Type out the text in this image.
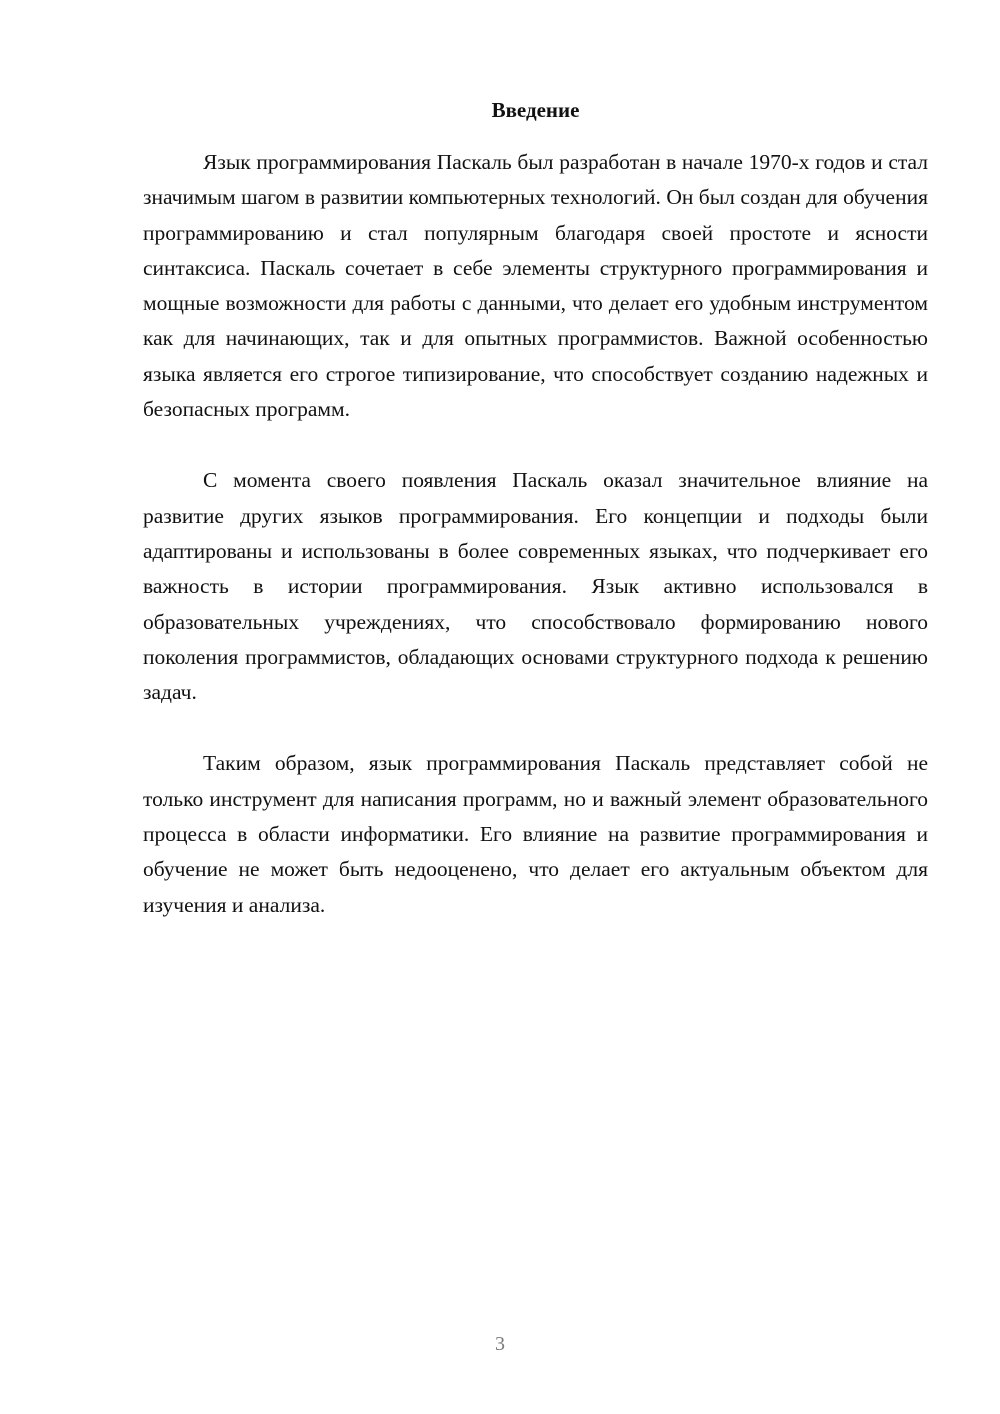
Введение

Язык программирования Паскаль был разработан в начале 1970-х годов и стал значимым шагом в развитии компьютерных технологий. Он был создан для обучения программированию и стал популярным благодаря своей простоте и ясности синтаксиса. Паскаль сочетает в себе элементы структурного программирования и мощные возможности для работы с данными, что делает его удобным инструментом как для начинающих, так и для опытных программистов. Важной особенностью языка является его строгое типизирование, что способствует созданию надежных и безопасных программ.

С момента своего появления Паскаль оказал значительное влияние на развитие других языков программирования. Его концепции и подходы были адаптированы и использованы в более современных языках, что подчеркивает его важность в истории программирования. Язык активно использовался в образовательных учреждениях, что способствовало формированию нового поколения программистов, обладающих основами структурного подхода к решению задач.

Таким образом, язык программирования Паскаль представляет собой не только инструмент для написания программ, но и важный элемент образовательного процесса в области информатики. Его влияние на развитие программирования и обучение не может быть недооценено, что делает его актуальным объектом для изучения и анализа.

3
